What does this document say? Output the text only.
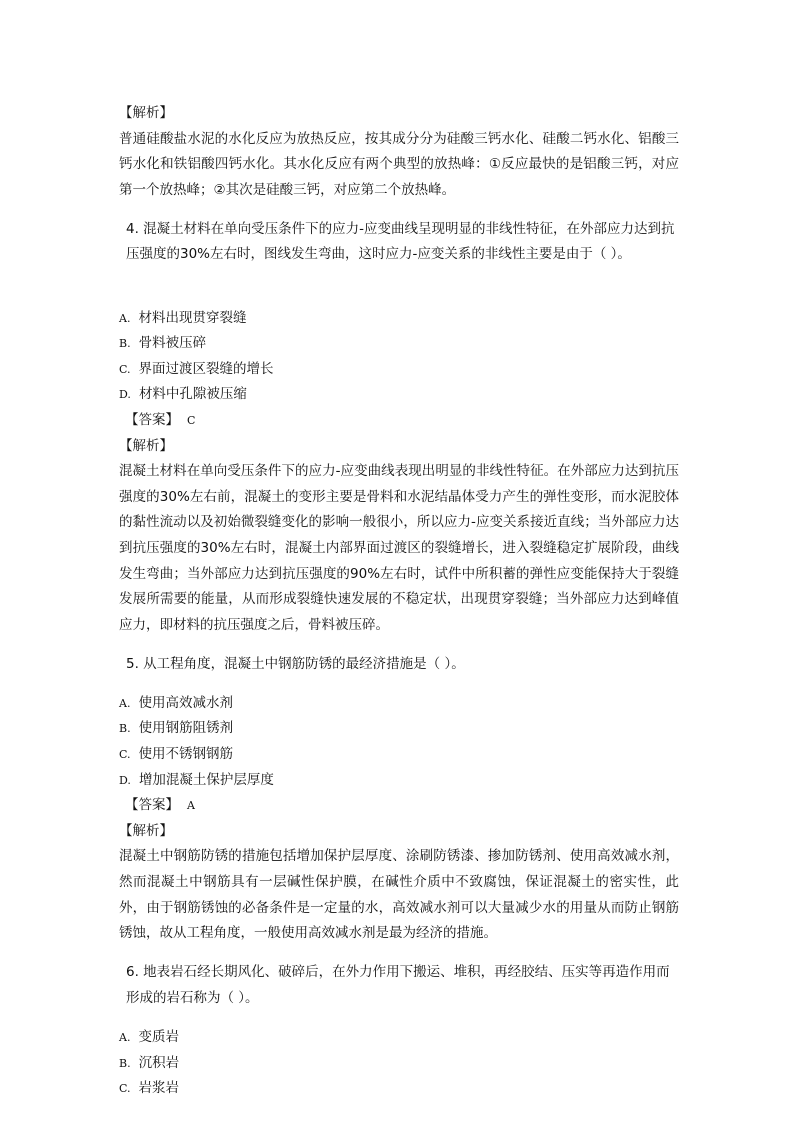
【解析】

普通硅酸盐水泥的水化反应为放热反应，按其成分分为硅酸三钙水化、硅酸二钙水化、铝酸三钙水化和铁铝酸四钙水化。其水化反应有两个典型的放热峰：①反应最快的是铝酸三钙，对应第一个放热峰；②其次是硅酸三钙，对应第二个放热峰。

4. 混凝土材料在单向受压条件下的应力-应变曲线呈现明显的非线性特征，在外部应力达到抗压强度的30%左右时，图线发生弯曲，这时应力-应变关系的非线性主要是由于（ ）。

A. 材料出现贯穿裂缝
B. 骨料被压碎
C. 界面过渡区裂缝的增长
D. 材料中孔隙被压缩
【答案】 C
【解析】

混凝土材料在单向受压条件下的应力-应变曲线表现出明显的非线性特征。在外部应力达到抗压强度的30%左右前，混凝土的变形主要是骨料和水泥结晶体受力产生的弹性变形，而水泥胶体的黏性流动以及初始微裂缝变化的影响一般很小，所以应力-应变关系接近直线；当外部应力达到抗压强度的30%左右时，混凝土内部界面过渡区的裂缝增长，进入裂缝稳定扩展阶段，曲线发生弯曲；当外部应力达到抗压强度的90%左右时，试件中所积蓄的弹性应变能保持大于裂缝发展所需要的能量，从而形成裂缝快速发展的不稳定状，出现贯穿裂缝；当外部应力达到峰值应力，即材料的抗压强度之后，骨料被压碎。

5. 从工程角度，混凝土中钢筋防锈的最经济措施是（ ）。

A. 使用高效减水剂
B. 使用钢筋阻锈剂
C. 使用不锈钢钢筋
D. 增加混凝土保护层厚度
【答案】 A
【解析】

混凝土中钢筋防锈的措施包括增加保护层厚度、涂刷防锈漆、掺加防锈剂、使用高效减水剂，然而混凝土中钢筋具有一层碱性保护膜，在碱性介质中不致腐蚀，保证混凝土的密实性，此外，由于钢筋锈蚀的必备条件是一定量的水，高效减水剂可以大量减少水的用量从而防止钢筋锈蚀，故从工程角度，一般使用高效减水剂是最为经济的措施。

6. 地表岩石经长期风化、破碎后，在外力作用下搬运、堆积，再经胶结、压实等再造作用而形成的岩石称为（ ）。

A. 变质岩
B. 沉积岩
C. 岩浆岩
